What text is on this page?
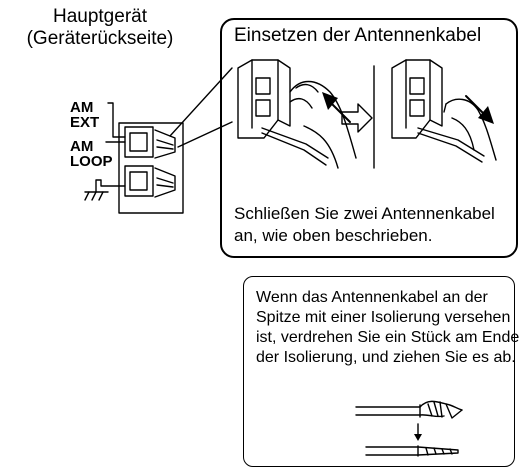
Hauptgerät
(Geräterückseite)
AM
EXT
AM
LOOP
Einsetzen der Antennenkabel
Schließen Sie zwei Antennenkabel
an, wie oben beschrieben.
Wenn das Antennenkabel an der
Spitze mit einer Isolierung versehen
ist, verdrehen Sie ein Stück am Ende
der Isolierung, und ziehen Sie es ab.
